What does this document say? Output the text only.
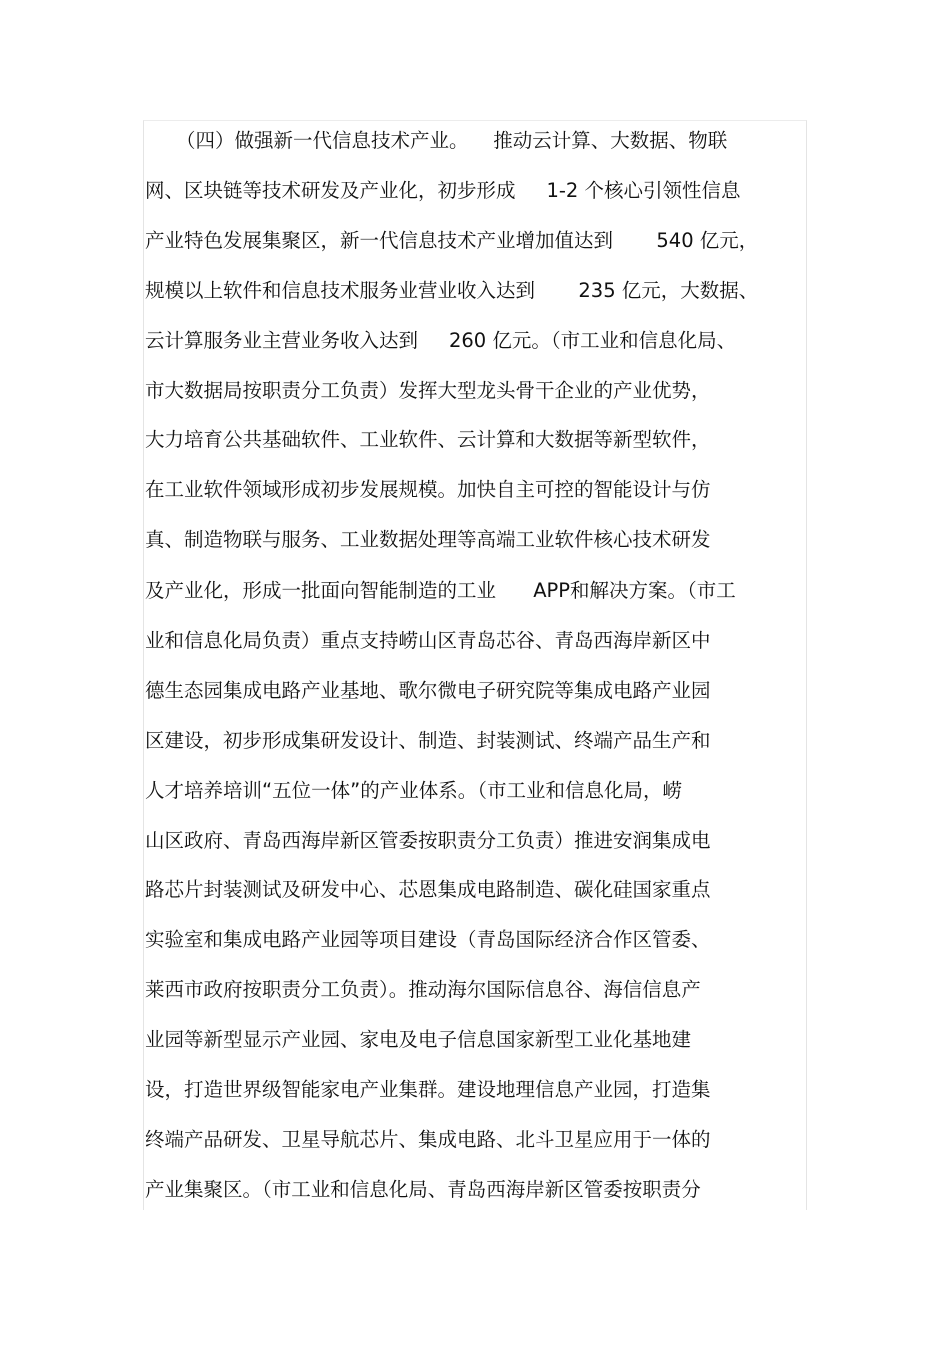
（四）做强新一代信息技术产业。    推动云计算、大数据、物联
网、区块链等技术研发及产业化，初步形成     1-2 个核心引领性信息
产业特色发展集聚区，新一代信息技术产业增加值达到       540 亿元，
规模以上软件和信息技术服务业营业收入达到       235 亿元，大数据、
云计算服务业主营业务收入达到     260 亿元。（市工业和信息化局、
市大数据局按职责分工负责）发挥大型龙头骨干企业的产业优势，
大力培育公共基础软件、工业软件、云计算和大数据等新型软件，
在工业软件领域形成初步发展规模。加快自主可控的智能设计与仿
真、制造物联与服务、工业数据处理等高端工业软件核心技术研发
及产业化，形成一批面向智能制造的工业      APP和解决方案。（市工
业和信息化局负责）重点支持崂山区青岛芯谷、青岛西海岸新区中
德生态园集成电路产业基地、歌尔微电子研究院等集成电路产业园
区建设，初步形成集研发设计、制造、封装测试、终端产品生产和
人才培养培训“五位一体”的产业体系。（市工业和信息化局，崂
山区政府、青岛西海岸新区管委按职责分工负责）推进安润集成电
路芯片封装测试及研发中心、芯恩集成电路制造、碳化硅国家重点
实验室和集成电路产业园等项目建设（青岛国际经济合作区管委、
莱西市政府按职责分工负责）。推动海尔国际信息谷、海信信息产
业园等新型显示产业园、家电及电子信息国家新型工业化基地建
设，打造世界级智能家电产业集群。建设地理信息产业园，打造集
终端产品研发、卫星导航芯片、集成电路、北斗卫星应用于一体的
产业集聚区。（市工业和信息化局、青岛西海岸新区管委按职责分
